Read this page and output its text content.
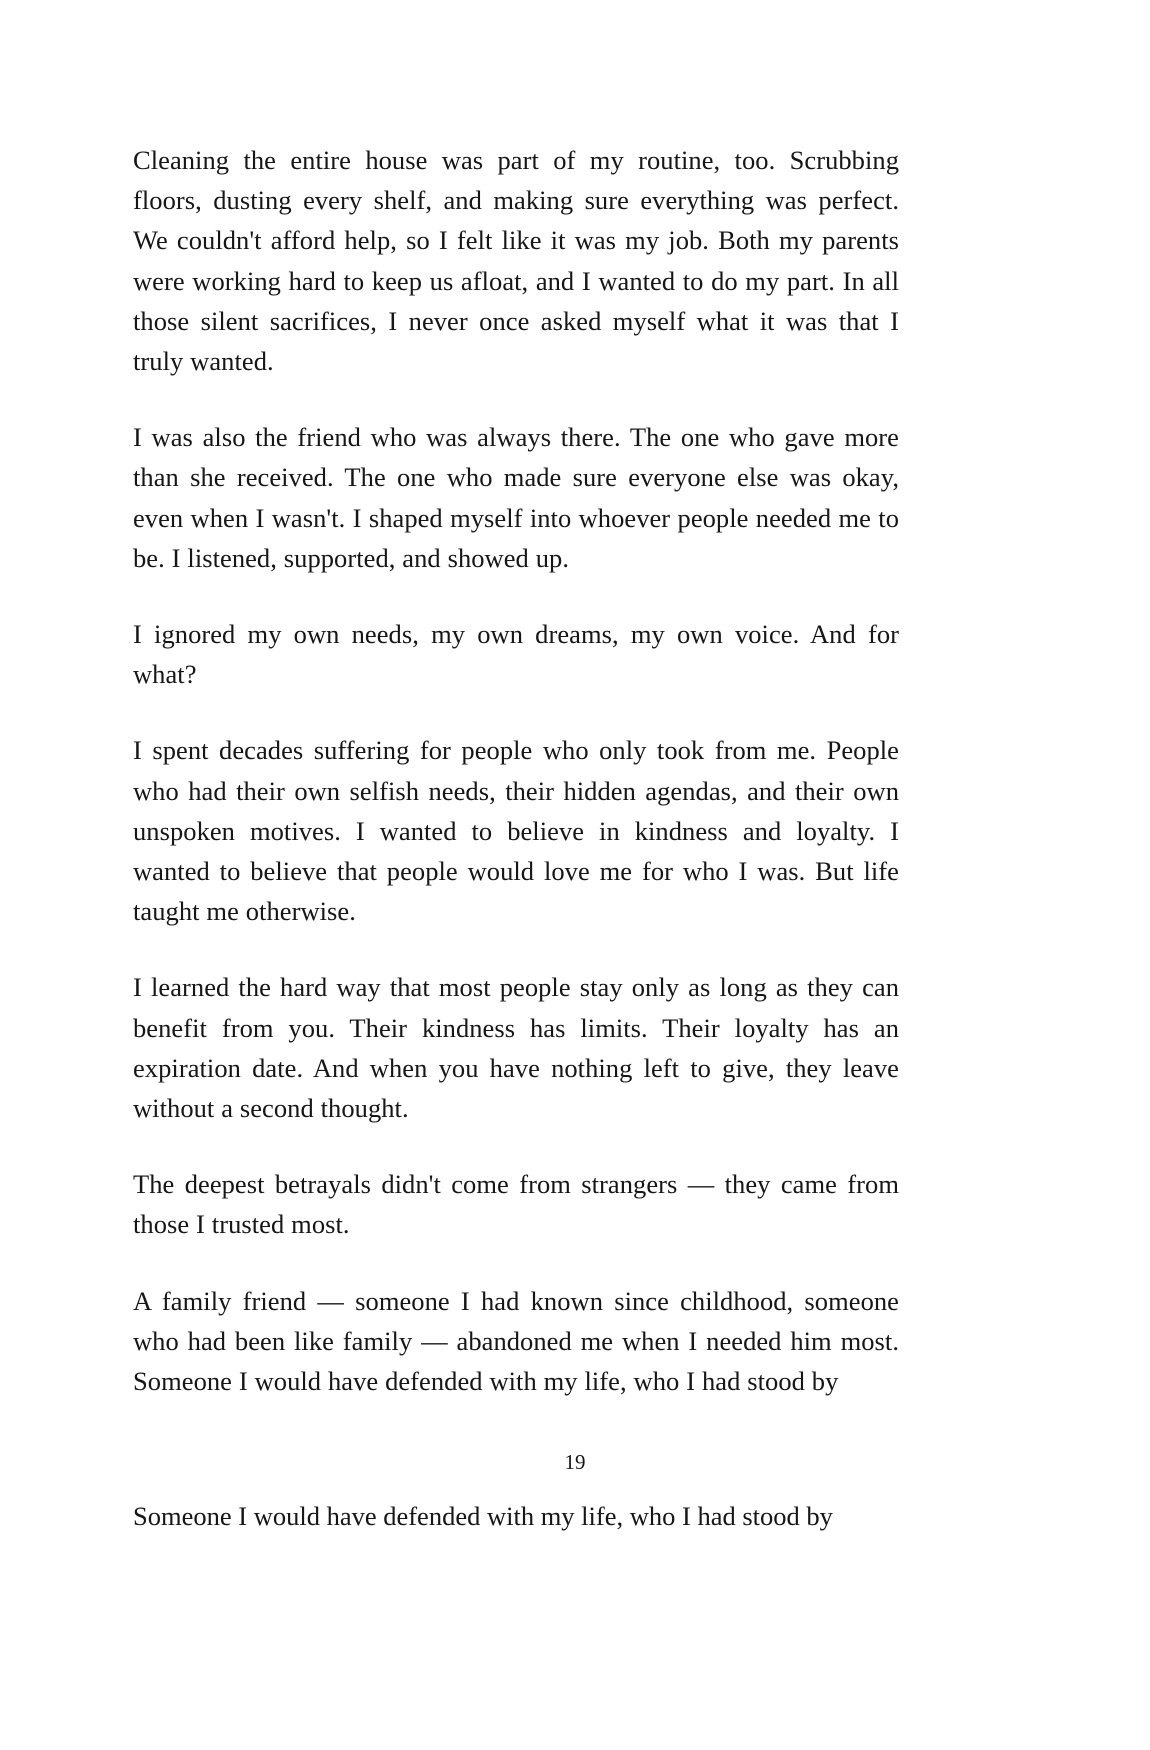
Cleaning the entire house was part of my routine, too. Scrubbing floors, dusting every shelf, and making sure everything was perfect. We couldn't afford help, so I felt like it was my job. Both my parents were working hard to keep us afloat, and I wanted to do my part. In all those silent sacrifices, I never once asked myself what it was that I truly wanted.

I was also the friend who was always there. The one who gave more than she received. The one who made sure everyone else was okay, even when I wasn't. I shaped myself into whoever people needed me to be. I listened, supported, and showed up.

I ignored my own needs, my own dreams, my own voice. And for what?

I spent decades suffering for people who only took from me. People who had their own selfish needs, their hidden agendas, and their own unspoken motives. I wanted to believe in kindness and loyalty. I wanted to believe that people would love me for who I was. But life taught me otherwise.

I learned the hard way that most people stay only as long as they can benefit from you. Their kindness has limits. Their loyalty has an expiration date. And when you have nothing left to give, they leave without a second thought.

The deepest betrayals didn't come from strangers — they came from those I trusted most.

A family friend — someone I had known since childhood, someone who had been like family — abandoned me when I needed him most. Someone I would have defended with my life, who I had stood by

19
Someone I would have defended with my life, who I had stood by
